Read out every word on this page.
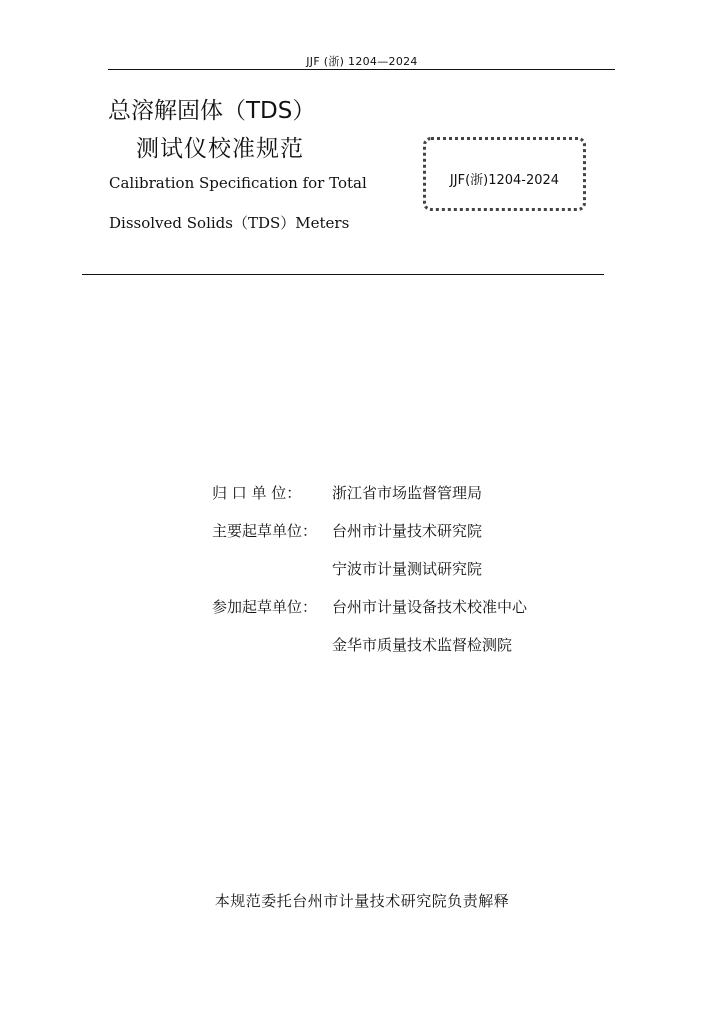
JJF (浙) 1204—2024
总溶解固体（TDS）
测试仪校准规范
Calibration Specification for Total
Dissolved Solids（TDS）Meters
JJF(浙)1204-2024
归 口 单 位： 浙江省市场监督管理局
主要起草单位： 台州市计量技术研究院
宁波市计量测试研究院
参加起草单位： 台州市计量设备技术校准中心
金华市质量技术监督检测院
本规范委托台州市计量技术研究院负责解释
